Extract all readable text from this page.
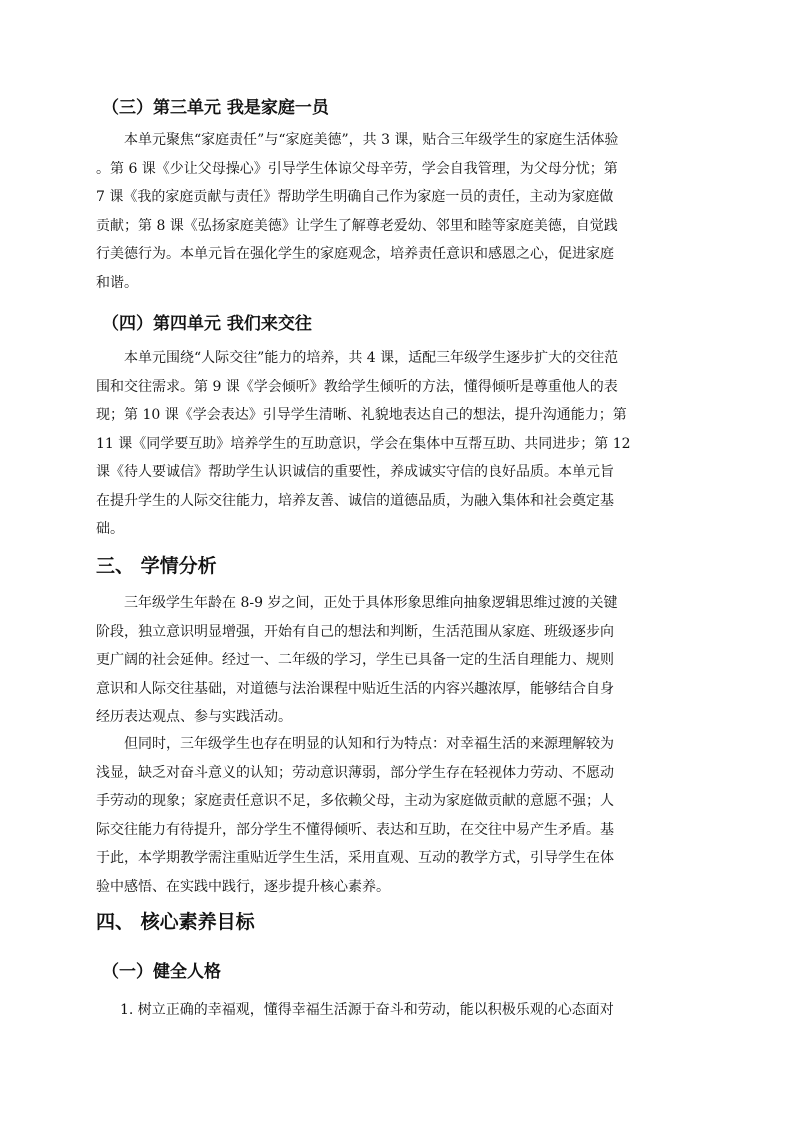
（三）第三单元 我是家庭一员
本单元聚焦“家庭责任”与“家庭美德”，共 3 课，贴合三年级学生的家庭生活体验
。第 6 课《少让父母操心》引导学生体谅父母辛劳，学会自我管理，为父母分忧；第
7 课《我的家庭贡献与责任》帮助学生明确自己作为家庭一员的责任，主动为家庭做
贡献；第 8 课《弘扬家庭美德》让学生了解尊老爱幼、邻里和睦等家庭美德，自觉践
行美德行为。本单元旨在强化学生的家庭观念，培养责任意识和感恩之心，促进家庭
和谐。
（四）第四单元 我们来交往
本单元围绕“人际交往”能力的培养，共 4 课，适配三年级学生逐步扩大的交往范
围和交往需求。第 9 课《学会倾听》教给学生倾听的方法，懂得倾听是尊重他人的表
现；第 10 课《学会表达》引导学生清晰、礼貌地表达自己的想法，提升沟通能力；第
11 课《同学要互助》培养学生的互助意识，学会在集体中互帮互助、共同进步；第 12
课《待人要诚信》帮助学生认识诚信的重要性，养成诚实守信的良好品质。本单元旨
在提升学生的人际交往能力，培养友善、诚信的道德品质，为融入集体和社会奠定基
础。
三、 学情分析
三年级学生年龄在 8-9 岁之间，正处于具体形象思维向抽象逻辑思维过渡的关键
阶段，独立意识明显增强，开始有自己的想法和判断，生活范围从家庭、班级逐步向
更广阔的社会延伸。经过一、二年级的学习，学生已具备一定的生活自理能力、规则
意识和人际交往基础，对道德与法治课程中贴近生活的内容兴趣浓厚，能够结合自身
经历表达观点、参与实践活动。
但同时，三年级学生也存在明显的认知和行为特点：对幸福生活的来源理解较为
浅显，缺乏对奋斗意义的认知；劳动意识薄弱，部分学生存在轻视体力劳动、不愿动
手劳动的现象；家庭责任意识不足，多依赖父母，主动为家庭做贡献的意愿不强；人
际交往能力有待提升，部分学生不懂得倾听、表达和互助，在交往中易产生矛盾。基
于此，本学期教学需注重贴近学生生活，采用直观、互动的教学方式，引导学生在体
验中感悟、在实践中践行，逐步提升核心素养。
四、 核心素养目标
（一）健全人格
1. 树立正确的幸福观，懂得幸福生活源于奋斗和劳动，能以积极乐观的心态面对
